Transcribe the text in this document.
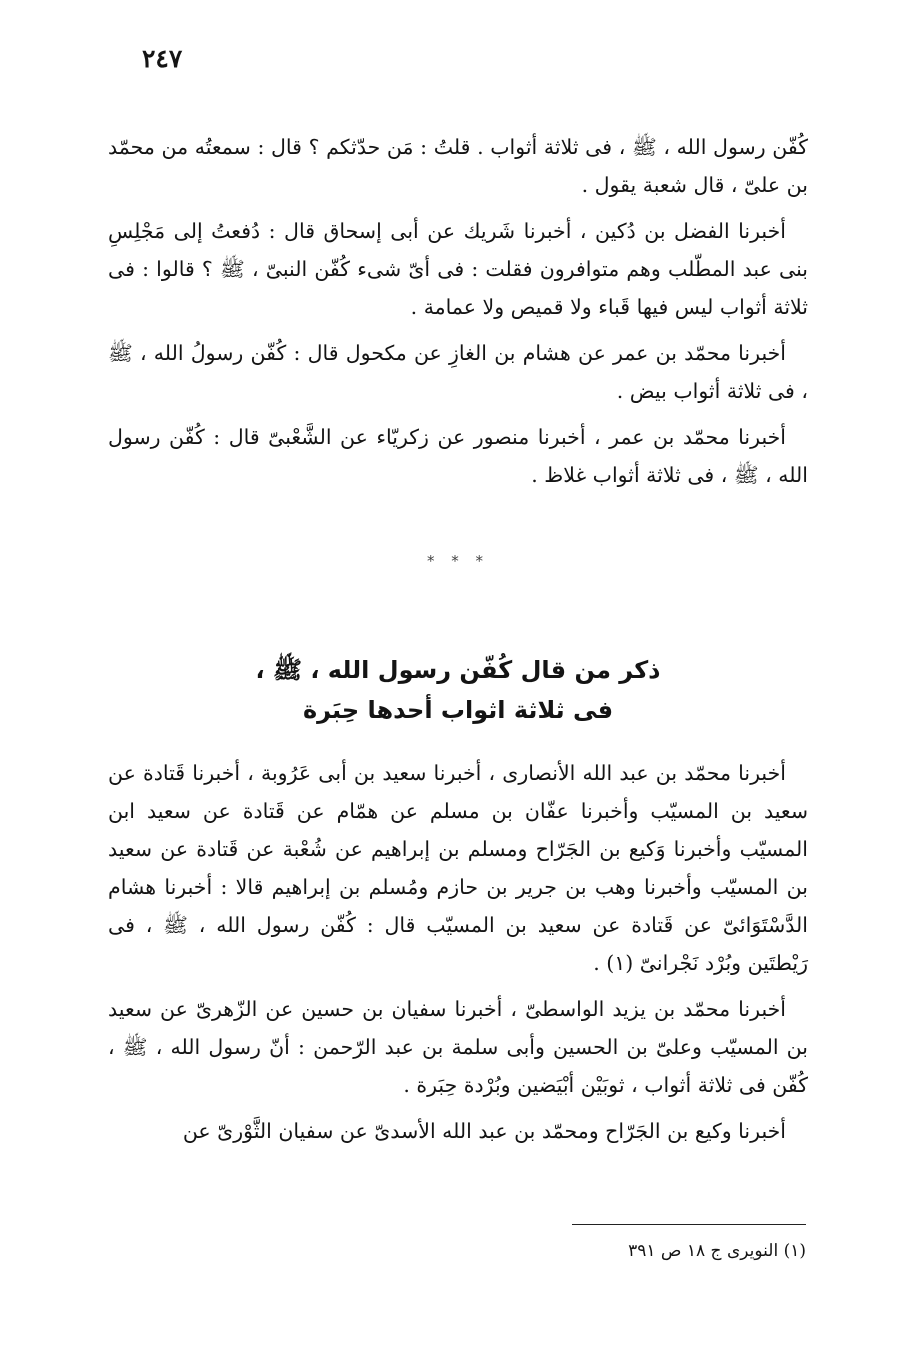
٢٤٧

كُفّن رسول الله ، ﷺ ، فى ثلاثة أثواب . قلتُ : مَن حدّثكم ؟ قال : سمعتُه من محمّد بن علىّ ، قال شعبة يقول .

أخبرنا الفضل بن دُكين ، أخبرنا شَريك عن أبى إسحاق قال : دُفعتُ إلى مَجْلِسِ بنى عبد المطّلب وهم متوافرون فقلت : فى أىّ شىء كُفّن النبىّ ، ﷺ ؟ قالوا : فى ثلاثة أثواب ليس فيها قَباء ولا قميص ولا عمامة .

أخبرنا محمّد بن عمر عن هشام بن الغازِ عن مكحول قال : كُفّن رسولُ الله ، ﷺ ، فى ثلاثة أثواب بيض .

أخبرنا محمّد بن عمر ، أخبرنا منصور عن زكريّاء عن الشَّعْبىّ قال : كُفّن رسول الله ، ﷺ ، فى ثلاثة أثواب غلاظ .

* * *
ذكر من قال كُفّن رسول الله ، ﷺ ،
فى ثلاثة اثواب أحدها حِبَرة

أخبرنا محمّد بن عبد الله الأنصارى ، أخبرنا سعيد بن أبى عَرُوبة ، أخبرنا قَتادة عن سعيد بن المسيّب وأخبرنا عفّان بن مسلم عن همّام عن قَتادة عن سعيد ابن المسيّب وأخبرنا وَكيع بن الجَرّاح ومسلم بن إبراهيم عن شُعْبة عن قَتادة عن سعيد بن المسيّب وأخبرنا وهب بن جرير بن حازم ومُسلم بن إبراهيم قالا : أخبرنا هشام الدَّسْتَوَائىّ عن قَتادة عن سعيد بن المسيّب قال : كُفّن رسول الله ، ﷺ ، فى رَيْطتَين وبُرْد نَجْرانىّ (١) .

أخبرنا محمّد بن يزيد الواسطىّ ، أخبرنا سفيان بن حسين عن الزّهرىّ عن سعيد بن المسيّب وعلىّ بن الحسين وأبى سلمة بن عبد الرّحمن : أنّ رسول الله ، ﷺ ، كُفّن فى ثلاثة أثواب ، ثوبَيْن أبْيَضين وبُرْدة حِبَرة .

أخبرنا وكيع بن الجَرّاح ومحمّد بن عبد الله الأسدىّ عن سفيان الثَّوْرىّ عن

(١) النويرى ج ١٨ ص ٣٩١
